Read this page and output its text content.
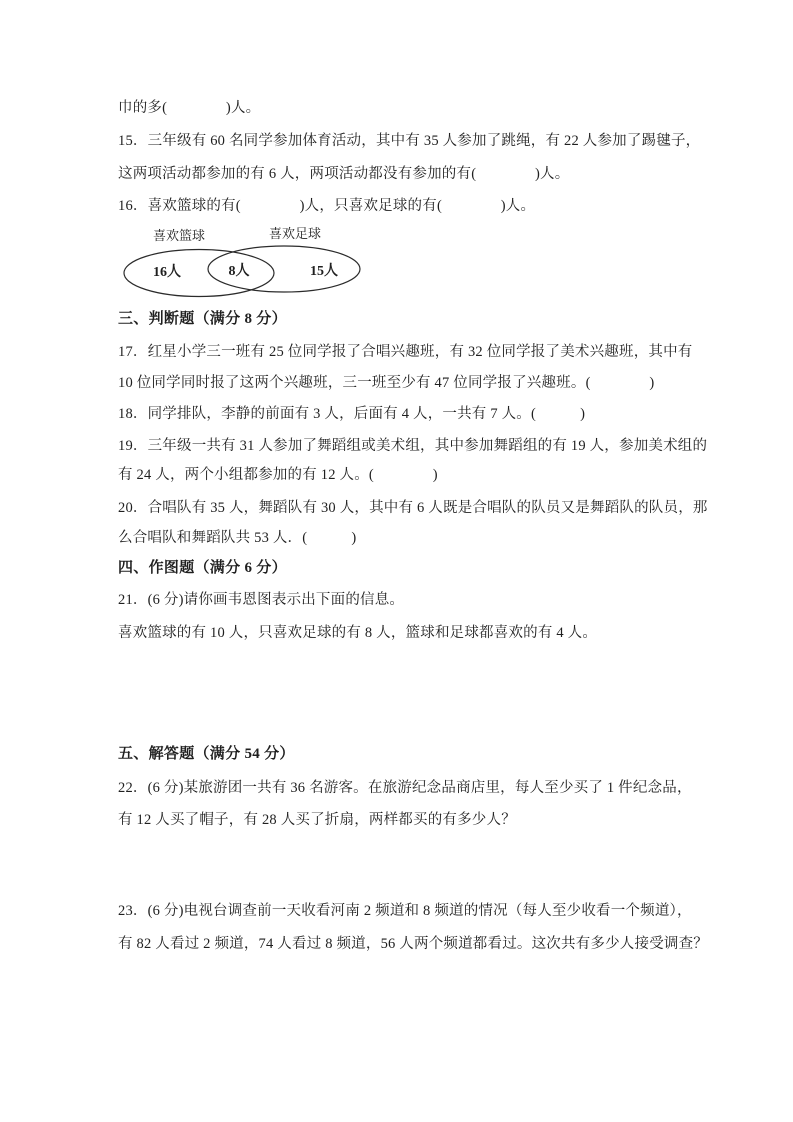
巾的多(　　　　)人。
15．三年级有 60 名同学参加体育活动，其中有 35 人参加了跳绳，有 22 人参加了踢毽子，
这两项活动都参加的有 6 人，两项活动都没有参加的有(　　　　)人。
16．喜欢篮球的有(　　　　)人，只喜欢足球的有(　　　　)人。
喜欢篮球	喜欢足球
16人	8人	15人
三、判断题（满分 8 分）
17．红星小学三一班有 25 位同学报了合唱兴趣班，有 32 位同学报了美术兴趣班，其中有
10 位同学同时报了这两个兴趣班，三一班至少有 47 位同学报了兴趣班。(　　　　)
18．同学排队，李静的前面有 3 人，后面有 4 人，一共有 7 人。(　　　)
19．三年级一共有 31 人参加了舞蹈组或美术组，其中参加舞蹈组的有 19 人，参加美术组的
有 24 人，两个小组都参加的有 12 人。(　　　　)
20．合唱队有 35 人，舞蹈队有 30 人，其中有 6 人既是合唱队的队员又是舞蹈队的队员，那
么合唱队和舞蹈队共 53 人．(　　　)
四、作图题（满分 6 分）
21．(6 分)请你画韦恩图表示出下面的信息。
喜欢篮球的有 10 人，只喜欢足球的有 8 人，篮球和足球都喜欢的有 4 人。
五、解答题（满分 54 分）
22．(6 分)某旅游团一共有 36 名游客。在旅游纪念品商店里，每人至少买了 1 件纪念品，
有 12 人买了帽子，有 28 人买了折扇，两样都买的有多少人？
23．(6 分)电视台调查前一天收看河南 2 频道和 8 频道的情况（每人至少收看一个频道），
有 82 人看过 2 频道，74 人看过 8 频道，56 人两个频道都看过。这次共有多少人接受调查？
